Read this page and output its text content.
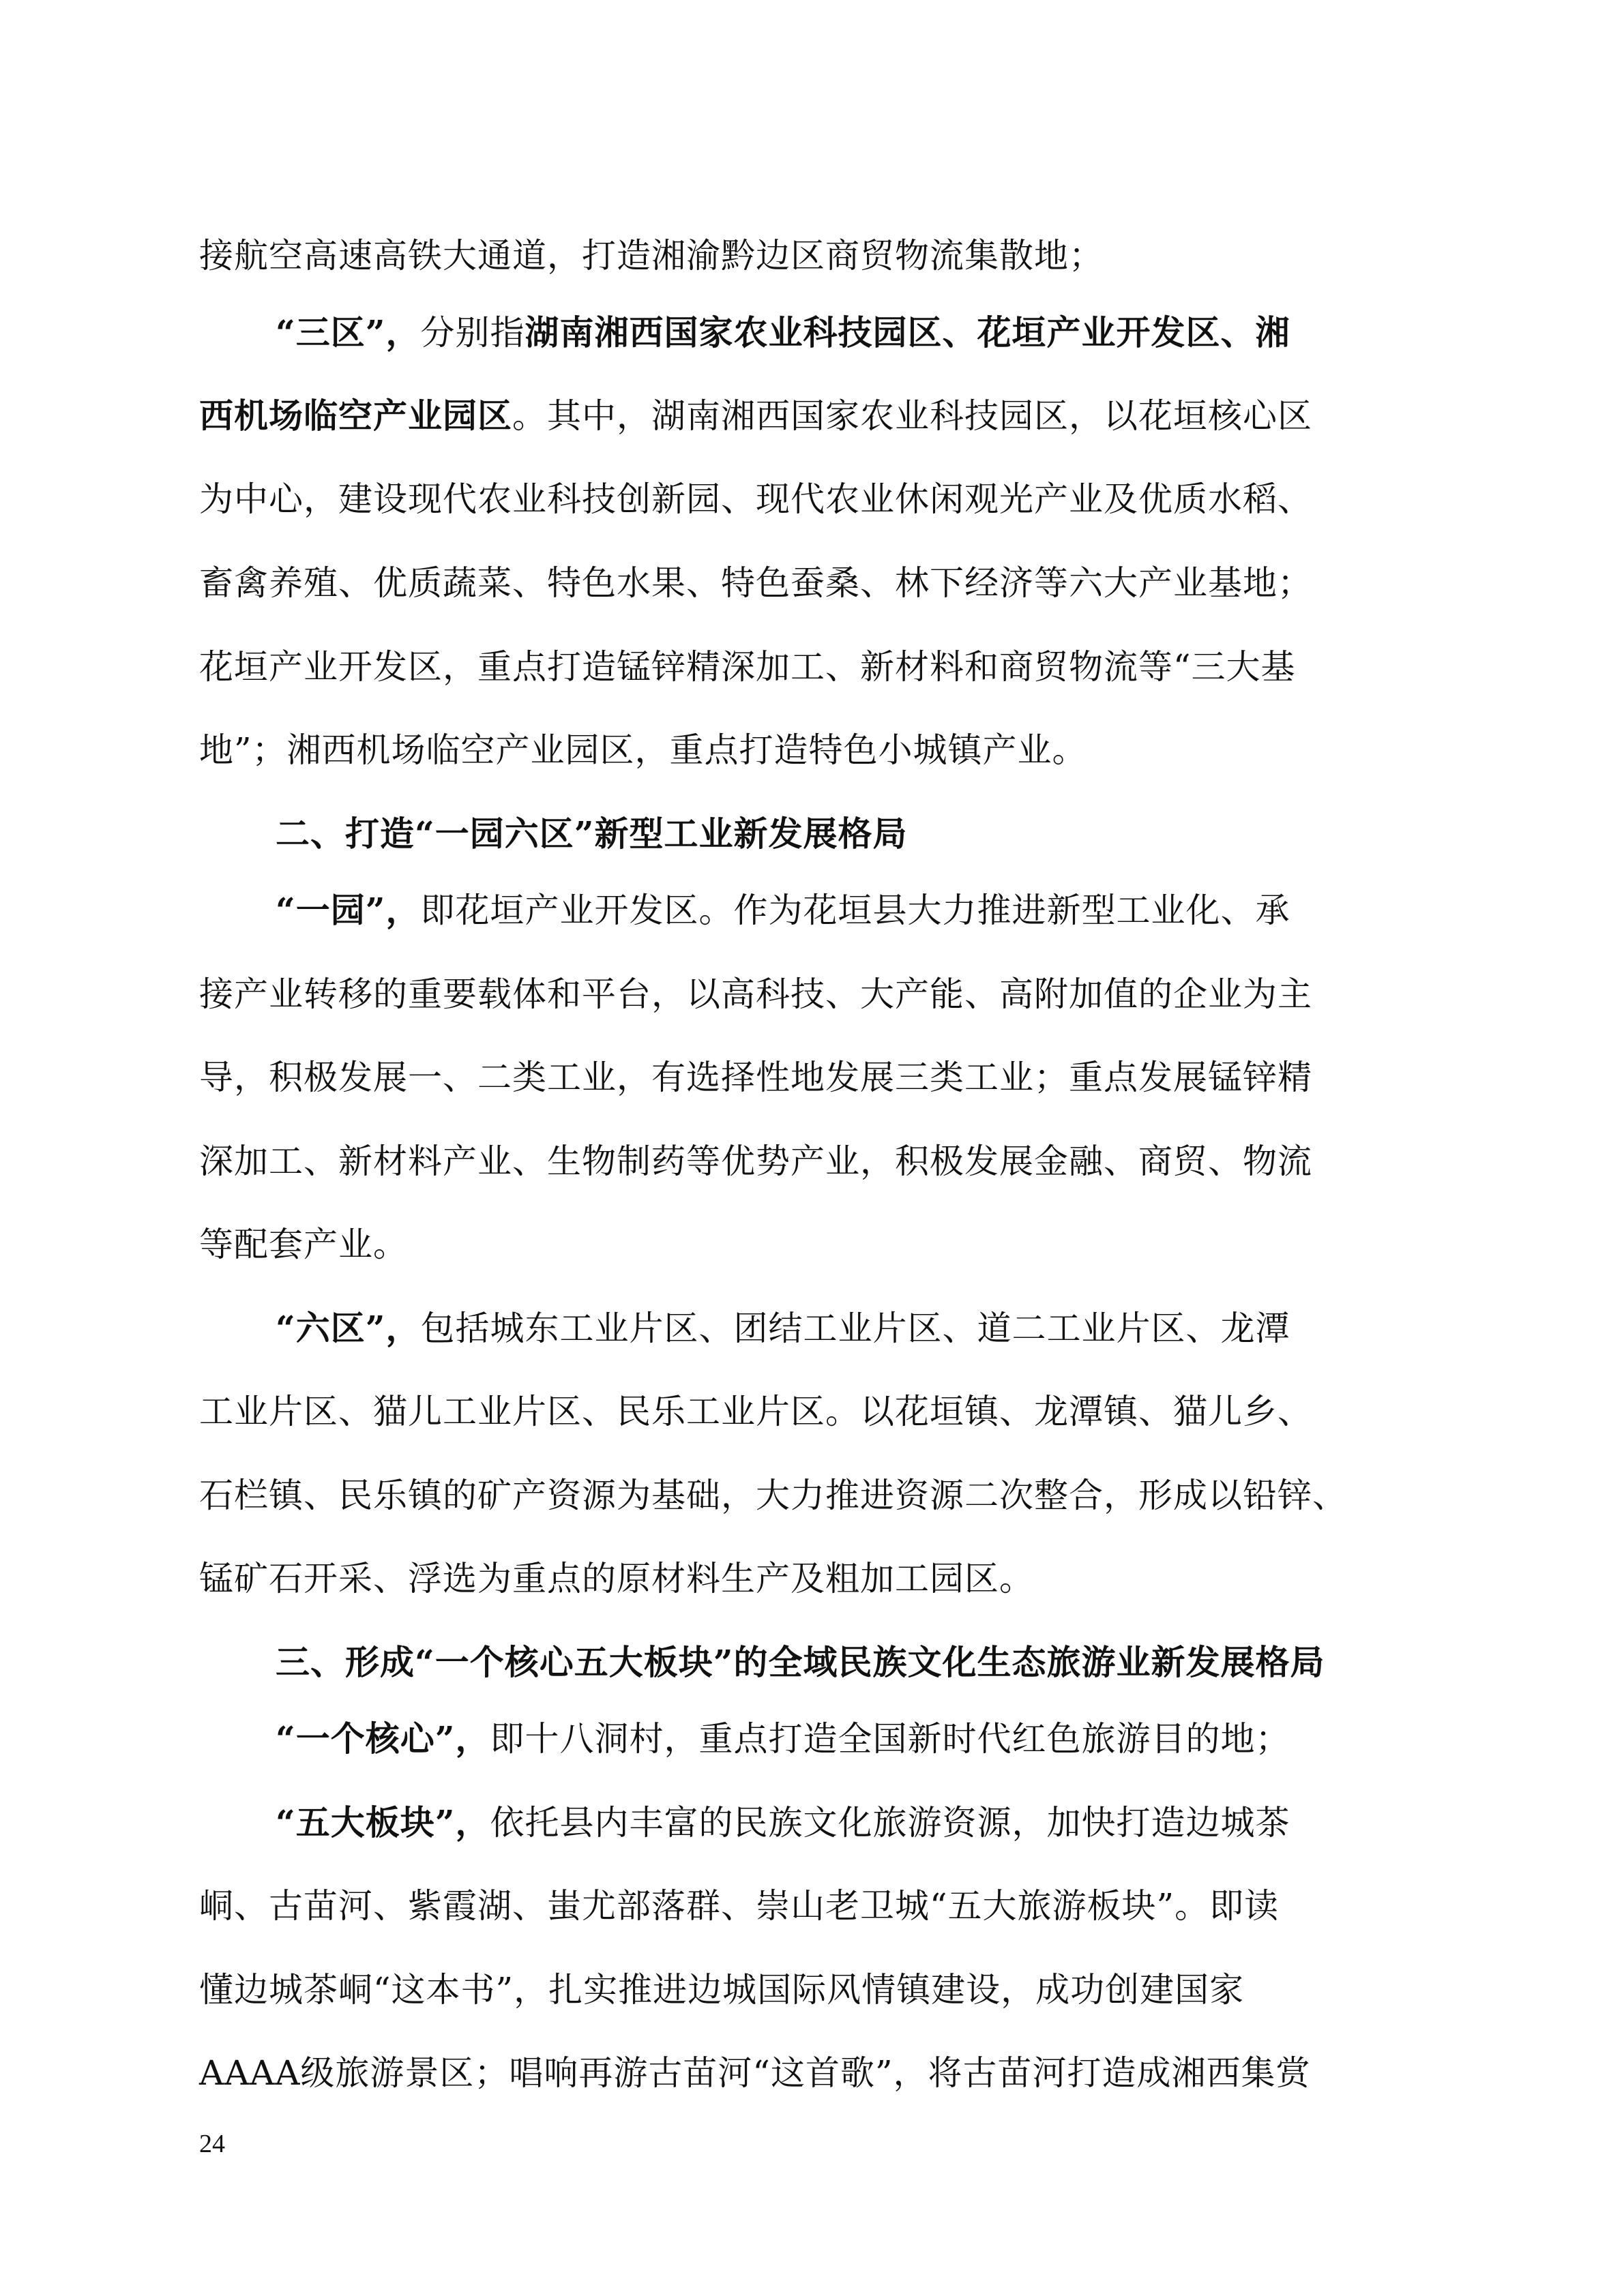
接航空高速高铁大通道，打造湘渝黔边区商贸物流集散地；
“三区”，分别指湖南湘西国家农业科技园区、花垣产业开发区、湘
西机场临空产业园区。其中，湖南湘西国家农业科技园区，以花垣核心区
为中心，建设现代农业科技创新园、现代农业休闲观光产业及优质水稻、
畜禽养殖、优质蔬菜、特色水果、特色蚕桑、林下经济等六大产业基地；
花垣产业开发区，重点打造锰锌精深加工、新材料和商贸物流等“三大基
地”；湘西机场临空产业园区，重点打造特色小城镇产业。
二、打造“一园六区”新型工业新发展格局
“一园”，即花垣产业开发区。作为花垣县大力推进新型工业化、承
接产业转移的重要载体和平台，以高科技、大产能、高附加值的企业为主
导，积极发展一、二类工业，有选择性地发展三类工业；重点发展锰锌精
深加工、新材料产业、生物制药等优势产业，积极发展金融、商贸、物流
等配套产业。
“六区”，包括城东工业片区、团结工业片区、道二工业片区、龙潭
工业片区、猫儿工业片区、民乐工业片区。以花垣镇、龙潭镇、猫儿乡、
石栏镇、民乐镇的矿产资源为基础，大力推进资源二次整合，形成以铅锌、
锰矿石开采、浮选为重点的原材料生产及粗加工园区。
三、形成“一个核心五大板块”的全域民族文化生态旅游业新发展格局
“一个核心”，即十八洞村，重点打造全国新时代红色旅游目的地；
“五大板块”，依托县内丰富的民族文化旅游资源，加快打造边城茶
峒、古苗河、紫霞湖、蚩尤部落群、崇山老卫城“五大旅游板块”。即读
懂边城茶峒“这本书”，扎实推进边城国际风情镇建设，成功创建国家
AAAA级旅游景区；唱响再游古苗河“这首歌”，将古苗河打造成湘西集赏
24
